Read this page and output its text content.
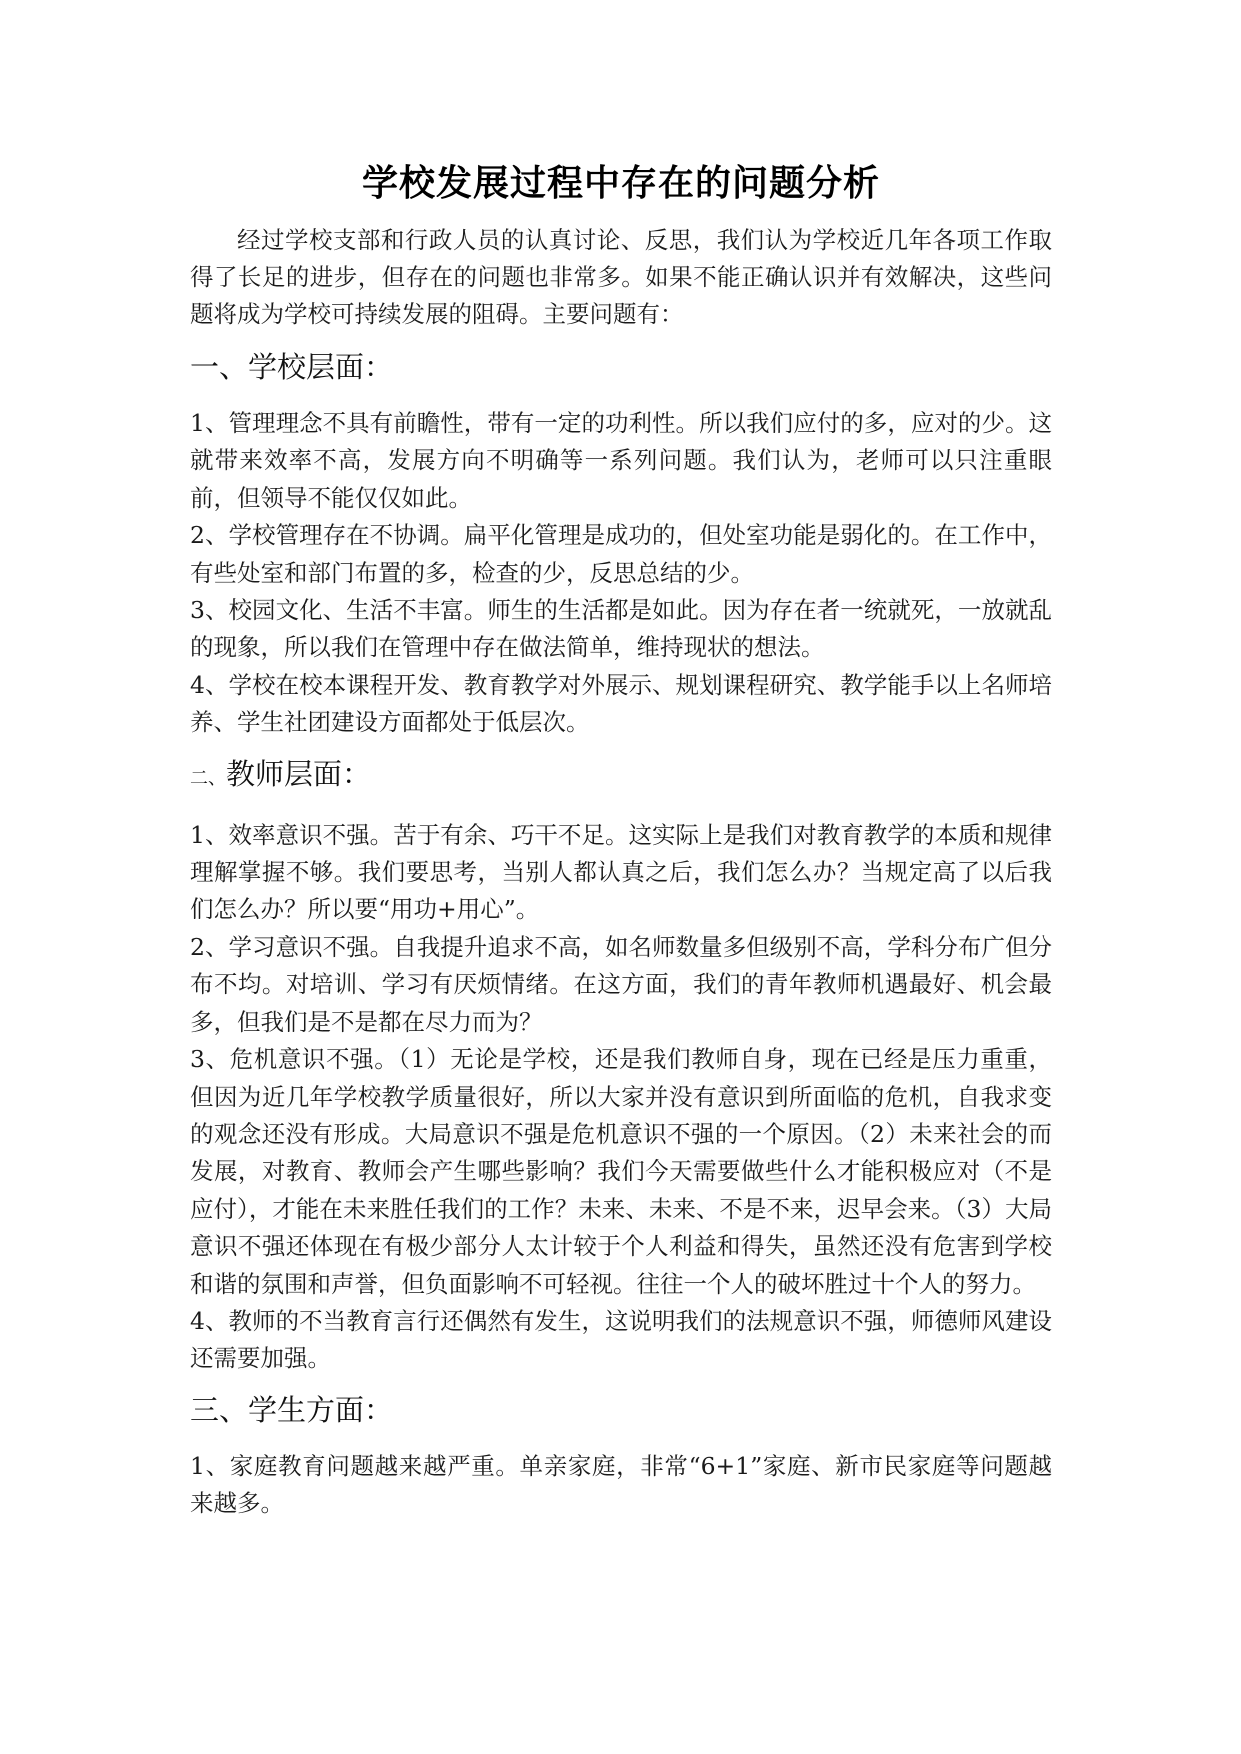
学校发展过程中存在的问题分析

经过学校支部和行政人员的认真讨论、反思，我们认为学校近几年各项工作取得了长足的进步，但存在的问题也非常多。如果不能正确认识并有效解决，这些问题将成为学校可持续发展的阻碍。主要问题有：

一、学校层面：

1、管理理念不具有前瞻性，带有一定的功利性。所以我们应付的多，应对的少。这就带来效率不高，发展方向不明确等一系列问题。我们认为，老师可以只注重眼前，但领导不能仅仅如此。

2、学校管理存在不协调。扁平化管理是成功的，但处室功能是弱化的。在工作中，有些处室和部门布置的多，检查的少，反思总结的少。

3、校园文化、生活不丰富。师生的生活都是如此。因为存在者一统就死，一放就乱的现象，所以我们在管理中存在做法简单，维持现状的想法。

4、学校在校本课程开发、教育教学对外展示、规划课程研究、教学能手以上名师培养、学生社团建设方面都处于低层次。

二、教师层面：

1、效率意识不强。苦于有余、巧干不足。这实际上是我们对教育教学的本质和规律理解掌握不够。我们要思考，当别人都认真之后，我们怎么办？当规定高了以后我们怎么办？所以要“用功+用心”。

2、学习意识不强。自我提升追求不高，如名师数量多但级别不高，学科分布广但分布不均。对培训、学习有厌烦情绪。在这方面，我们的青年教师机遇最好、机会最多，但我们是不是都在尽力而为？

3、危机意识不强。（1）无论是学校，还是我们教师自身，现在已经是压力重重，但因为近几年学校教学质量很好，所以大家并没有意识到所面临的危机，自我求变的观念还没有形成。大局意识不强是危机意识不强的一个原因。（2）未来社会的而发展，对教育、教师会产生哪些影响？我们今天需要做些什么才能积极应对（不是应付），才能在未来胜任我们的工作？未来、未来、不是不来，迟早会来。（3）大局意识不强还体现在有极少部分人太计较于个人利益和得失，虽然还没有危害到学校和谐的氛围和声誉，但负面影响不可轻视。往往一个人的破坏胜过十个人的努力。

4、教师的不当教育言行还偶然有发生，这说明我们的法规意识不强，师德师风建设还需要加强。

三、学生方面：

1、家庭教育问题越来越严重。单亲家庭，非常“6+1”家庭、新市民家庭等问题越来越多。
